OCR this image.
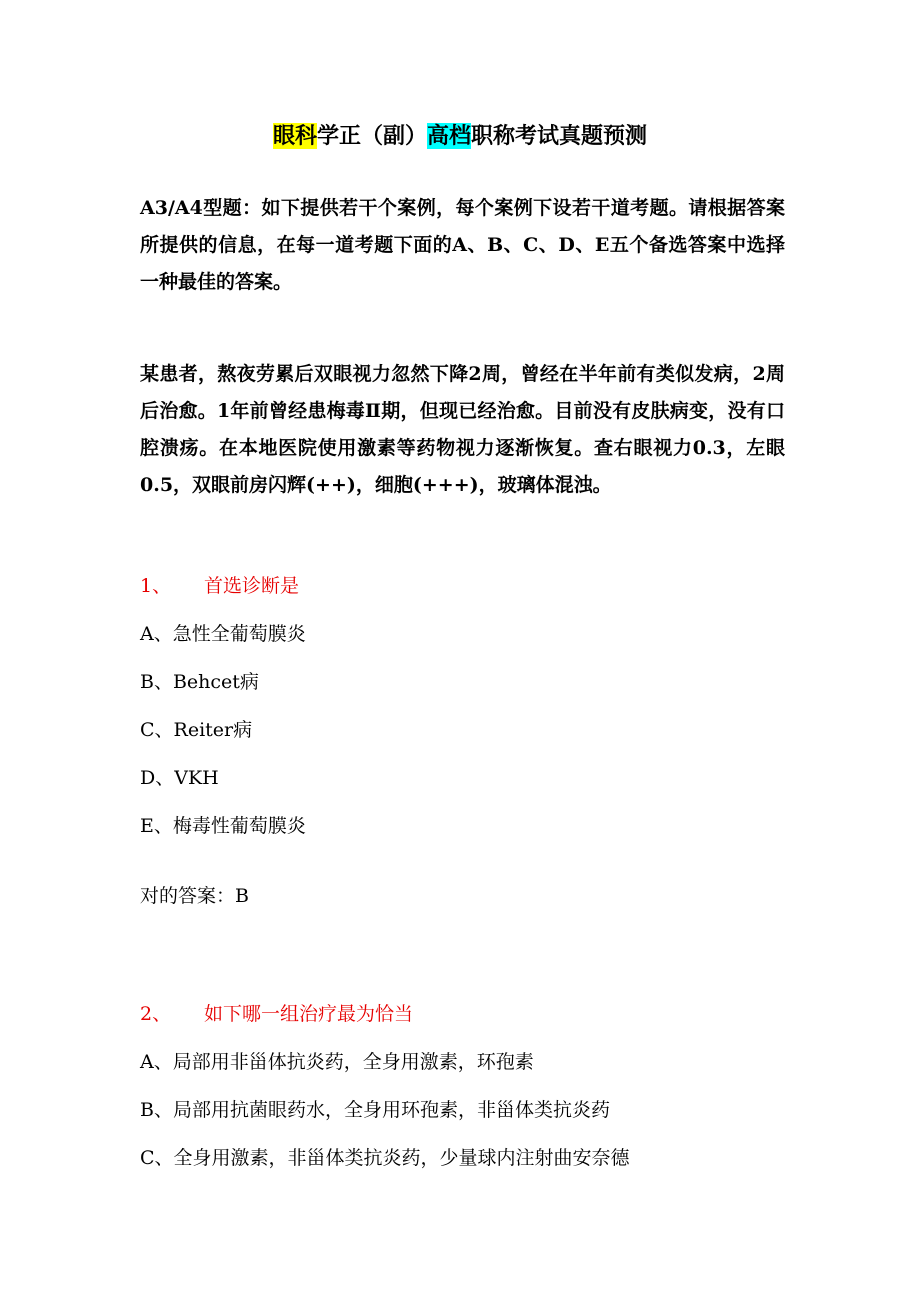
眼科学正（副）高档职称考试真题预测
A3/A4型题：如下提供若干个案例，每个案例下设若干道考题。请根据答案所提供的信息，在每一道考题下面的A、B、C、D、E五个备选答案中选择一种最佳的答案。
某患者，熬夜劳累后双眼视力忽然下降2周，曾经在半年前有类似发病，2周后治愈。1年前曾经患梅毒Ⅱ期，但现已经治愈。目前没有皮肤病变，没有口腔溃疡。在本地医院使用激素等药物视力逐渐恢复。查右眼视力0.3，左眼0.5，双眼前房闪辉(++)，细胞(+++)，玻璃体混浊。
1、 首选诊断是
A、急性全葡萄膜炎
B、Behcet病
C、Reiter病
D、VKH
E、梅毒性葡萄膜炎
对的答案：B
2、 如下哪一组治疗最为恰当
A、局部用非甾体抗炎药，全身用激素，环孢素
B、局部用抗菌眼药水，全身用环孢素，非甾体类抗炎药
C、全身用激素，非甾体类抗炎药，少量球内注射曲安奈德
